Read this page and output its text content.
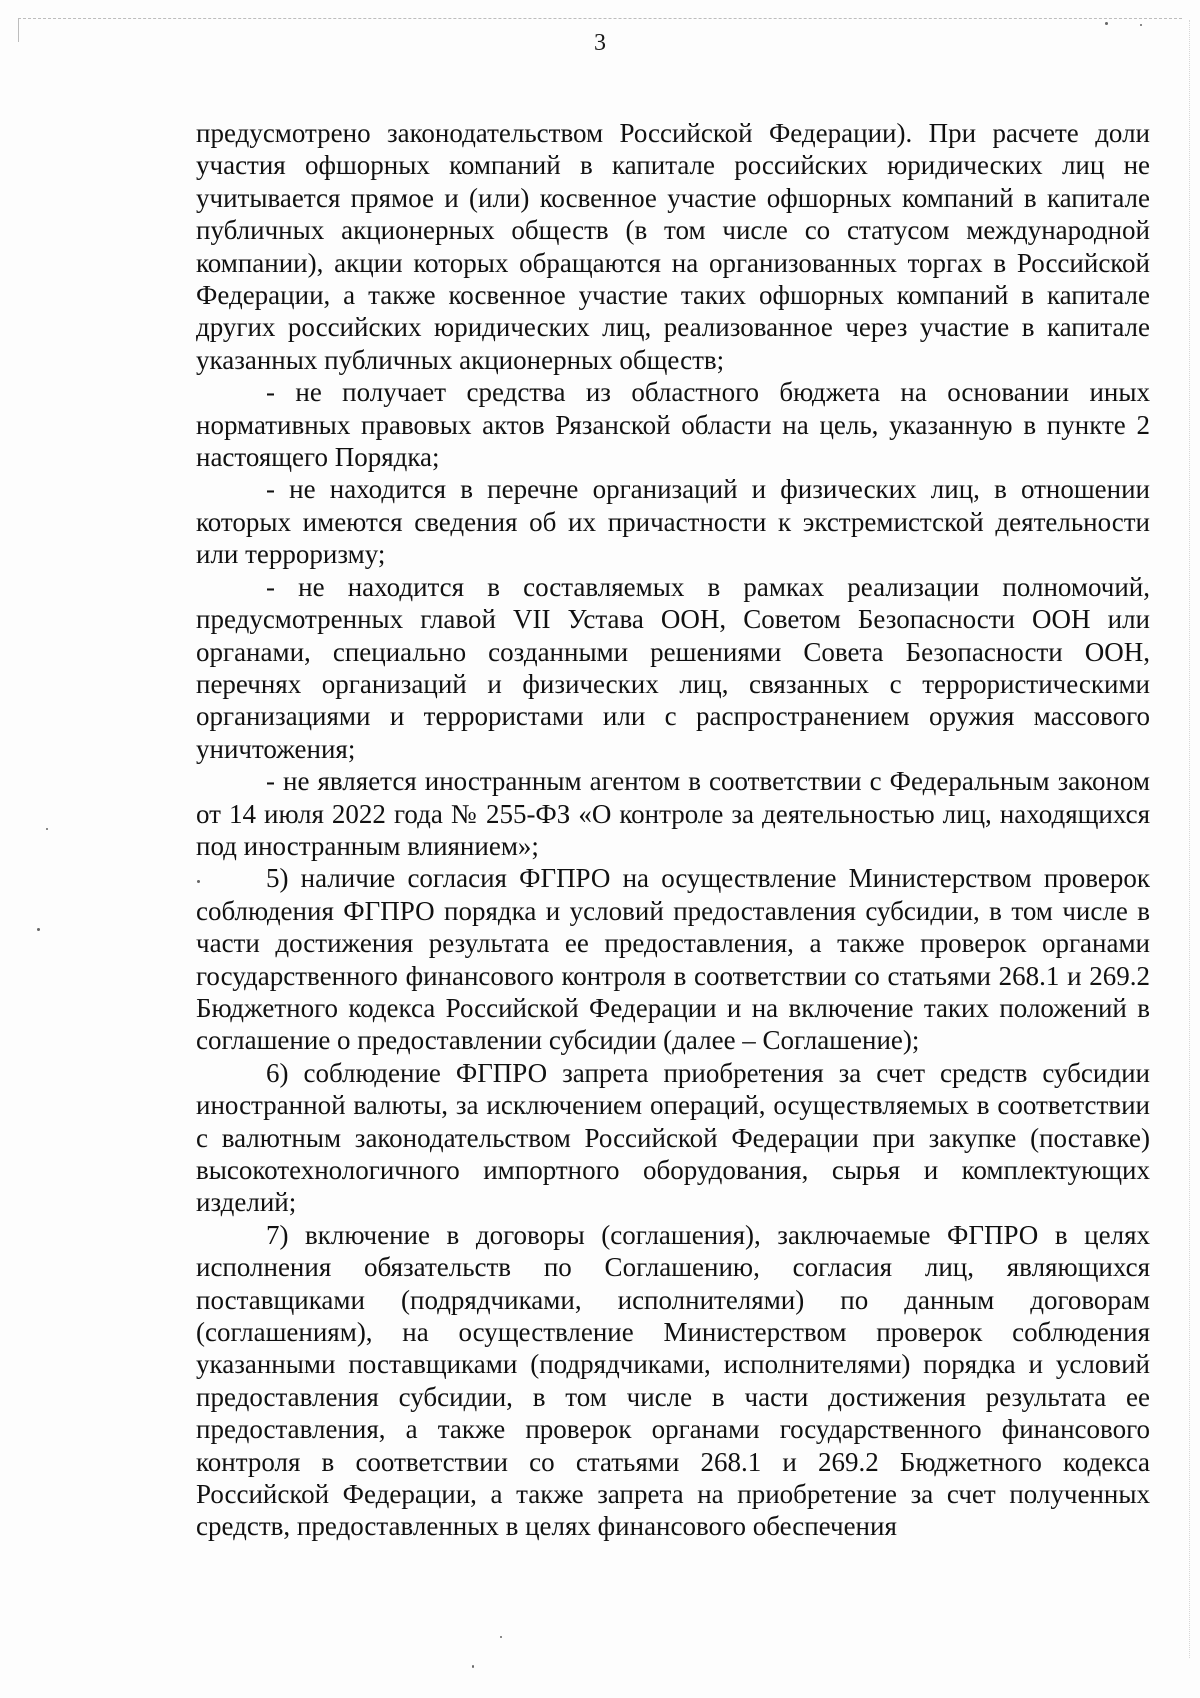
3

предусмотрено законодательством Российской Федерации). При расчете доли участия офшорных компаний в капитале российских юридических лиц не учитывается прямое и (или) косвенное участие офшорных компаний в капитале публичных акционерных обществ (в том числе со статусом международной компании), акции которых обращаются на организованных торгах в Российской Федерации, а также косвенное участие таких офшорных компаний в капитале других российских юридических лиц, реализованное через участие в капитале указанных публичных акционерных обществ;

- не получает средства из областного бюджета на основании иных нормативных правовых актов Рязанской области на цель, указанную в пункте 2 настоящего Порядка;

- не находится в перечне организаций и физических лиц, в отношении которых имеются сведения об их причастности к экстремистской деятельности или терроризму;

- не находится в составляемых в рамках реализации полномочий, предусмотренных главой VII Устава ООН, Советом Безопасности ООН или органами, специально созданными решениями Совета Безопасности ООН, перечнях организаций и физических лиц, связанных с террористическими организациями и террористами или с распространением оружия массового уничтожения;

- не является иностранным агентом в соответствии с Федеральным законом от 14 июля 2022 года № 255-ФЗ «О контроле за деятельностью лиц, находящихся под иностранным влиянием»;

5) наличие согласия ФГПРО на осуществление Министерством проверок соблюдения ФГПРО порядка и условий предоставления субсидии, в том числе в части достижения результата ее предоставления, а также проверок органами государственного финансового контроля в соответствии со статьями 268.1 и 269.2 Бюджетного кодекса Российской Федерации и на включение таких положений в соглашение о предоставлении субсидии (далее – Соглашение);

6) соблюдение ФГПРО запрета приобретения за счет средств субсидии иностранной валюты, за исключением операций, осуществляемых в соответствии с валютным законодательством Российской Федерации при закупке (поставке) высокотехнологичного импортного оборудования, сырья и комплектующих изделий;

7) включение в договоры (соглашения), заключаемые ФГПРО в целях исполнения обязательств по Соглашению, согласия лиц, являющихся поставщиками (подрядчиками, исполнителями) по данным договорам (соглашениям), на осуществление Министерством проверок соблюдения указанными поставщиками (подрядчиками, исполнителями) порядка и условий предоставления субсидии, в том числе в части достижения результата ее предоставления, а также проверок органами государственного финансового контроля в соответствии со статьями 268.1 и 269.2 Бюджетного кодекса Российской Федерации, а также запрета на приобретение за счет полученных средств, предоставленных в целях финансового обеспечения
